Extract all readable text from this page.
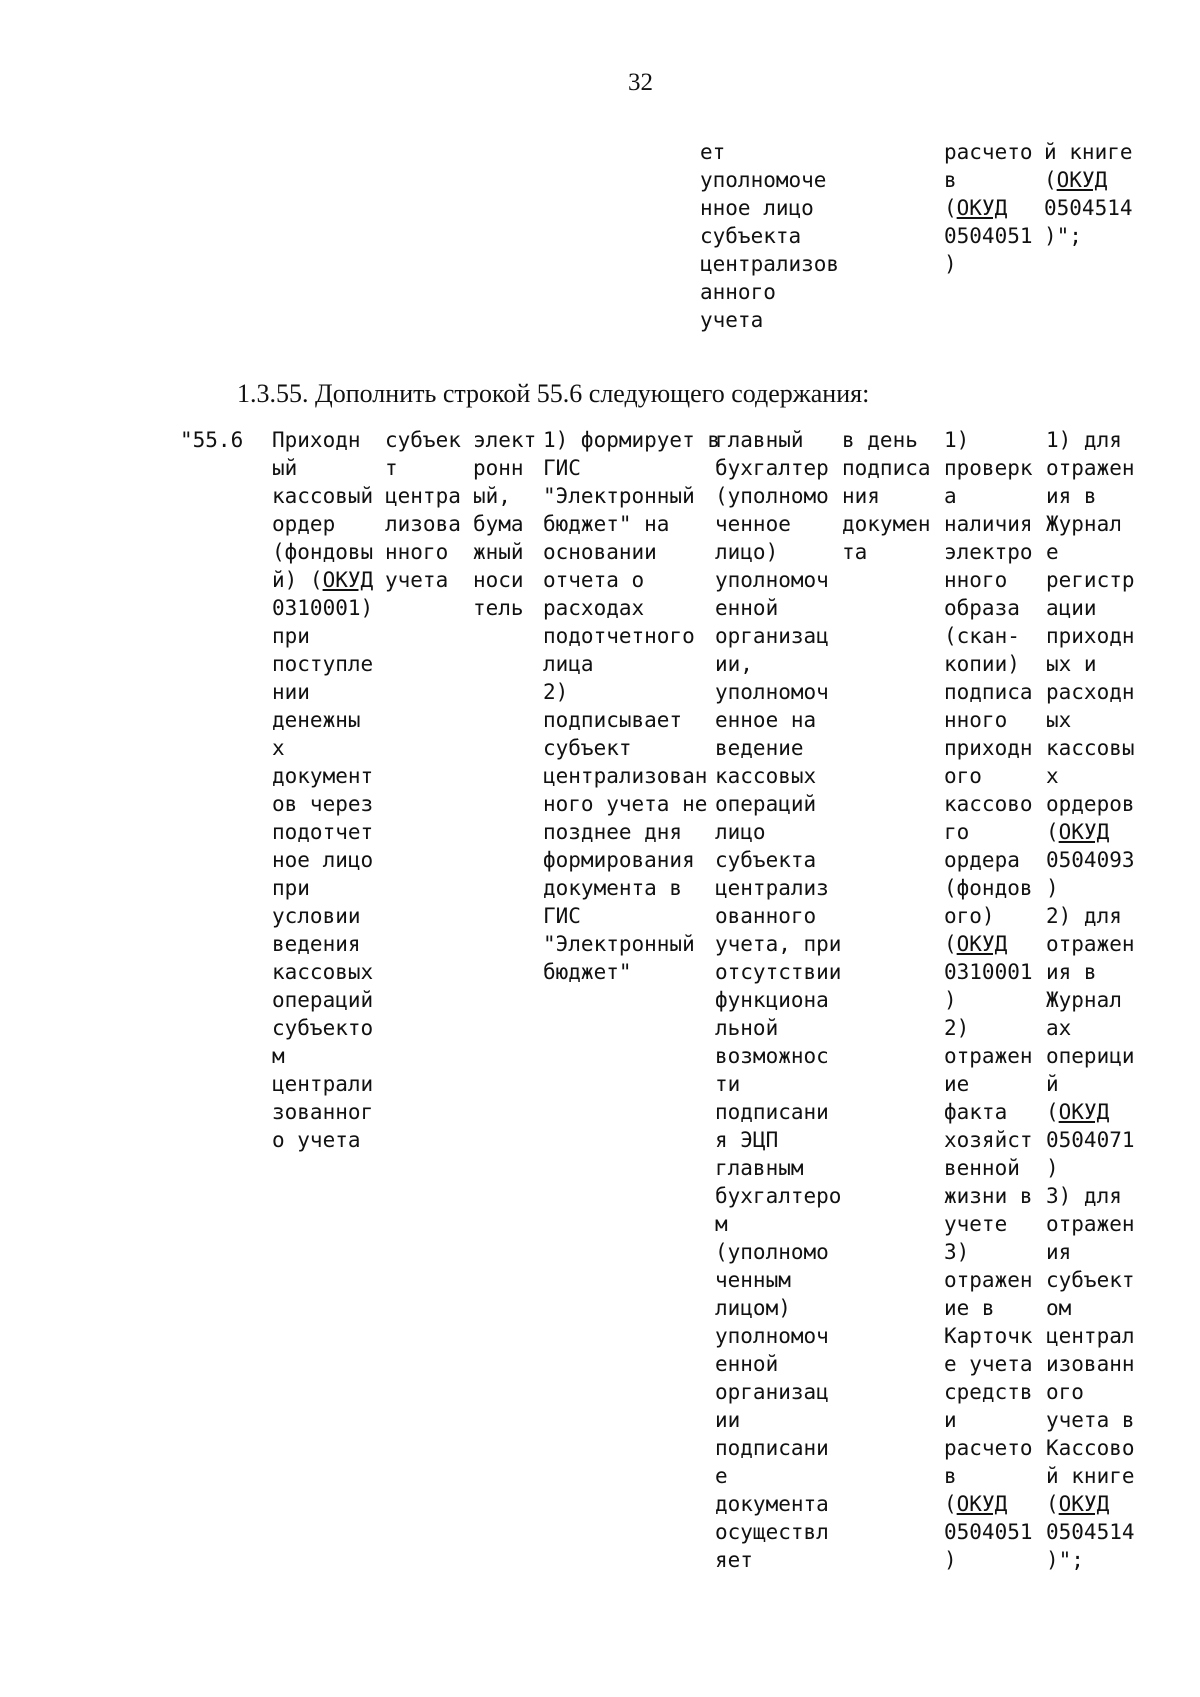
32
ет
уполномоче
нное лицо
субъекта
централизов
анного
учета
расчето
в
(ОКУД
0504051
)
й книге
(ОКУД
0504514
)";
1.3.55. Дополнить строкой 55.6 следующего содержания:
"55.6 Приходн
ый
кассовый
ордер
(фондовы
й) (ОКУД
0310001)
при
поступле
нии
денежны
х
документ
ов через
подотчет
ное лицо
при
условии
ведения
кассовых
операций
субъекто
м
централи
зованног
о учета
субъек
т
центра
лизова
нного
учета
элект
ронн
ый,
бума
жный
носи
тель
1) формирует в
ГИС
"Электронный
бюджет" на
основании
отчета о
расходах
подотчетного
лица
2)
подписывает
субъект
централизован
ного учета не
позднее дня
формирования
документа в
ГИС
"Электронный
бюджет"
главный
бухгалтер
(уполномо
ченное
лицо)
уполномоч
енной
организац
ии,
уполномоч
енное на
ведение
кассовых
операций
лицо
субъекта
централиз
ованного
учета, при
отсутствии
функциона
льной
возможнос
ти
подписани
я ЭЦП
главным
бухгалтеро
м
(уполномо
ченным
лицом)
уполномоч
енной
организац
ии
подписани
е
документа
осуществл
яет
в день
подписа
ния
докумен
та
1)
проверк
а
наличия
электро
нного
образа
(скан-
копии)
подписа
нного
приходн
ого
кассово
го
ордера
(фондов
ого)
(ОКУД
0310001
)
2)
отражен
ие
факта
хозяйст
венной
жизни в
учете
3)
отражен
ие в
Карточк
е учета
средств
и
расчето
в
(ОКУД
0504051
)
1) для
отражен
ия в
Журнал
е
регистр
ации
приходн
ых и
расходн
ых
кассовы
х
ордеров
(ОКУД
0504093
)
2) для
отражен
ия в
Журнал
ах
оперици
й
(ОКУД
0504071
)
3) для
отражен
ия
субъект
ом
централ
изованн
ого
учета в
Кассово
й книге
(ОКУД
0504514
)";
